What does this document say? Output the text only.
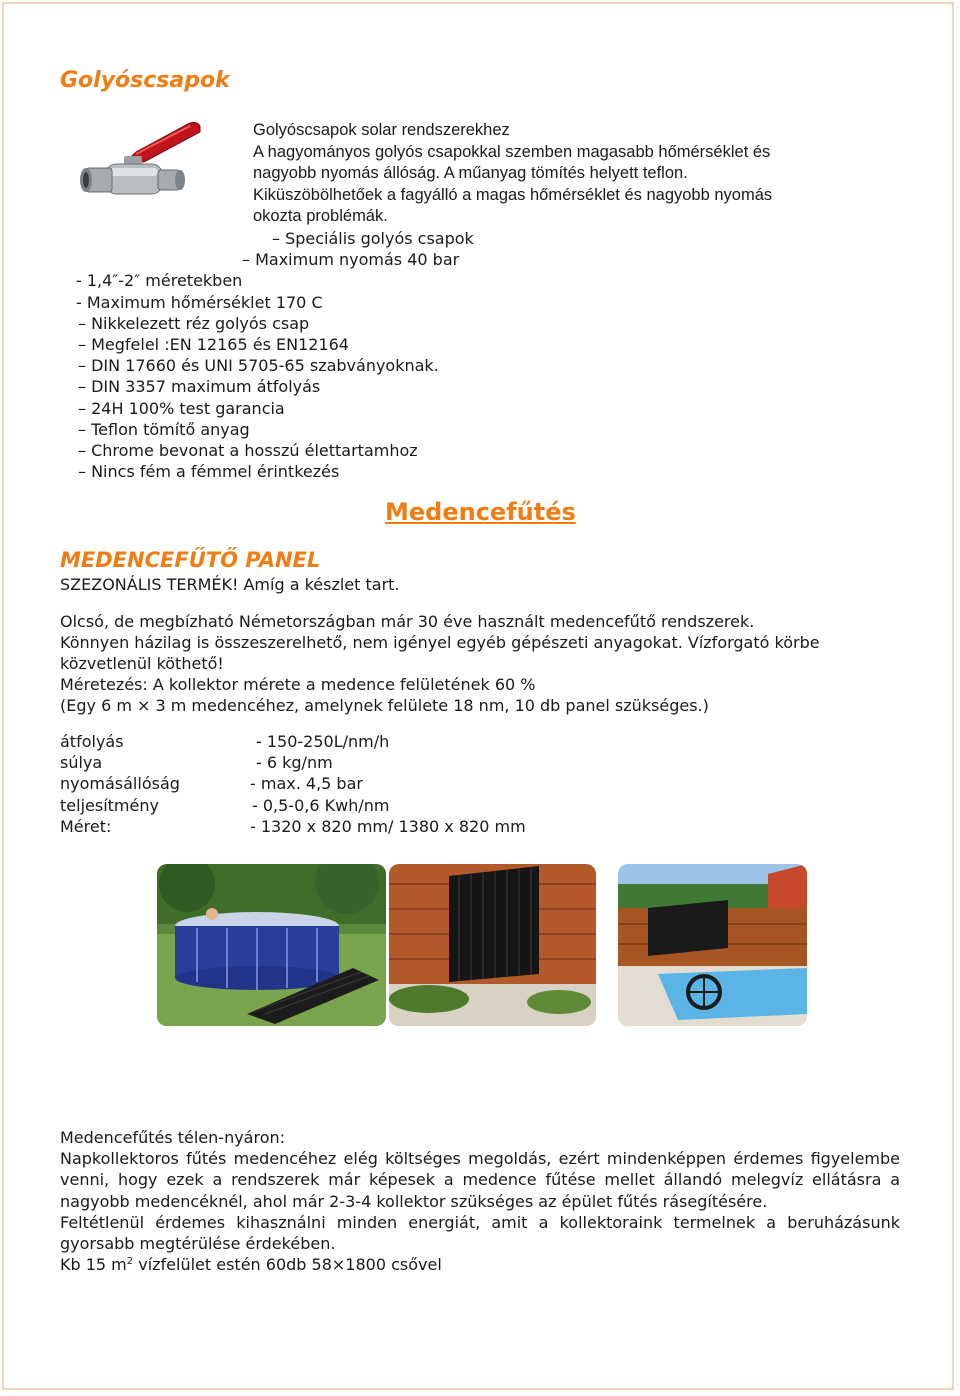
Golyóscsapok
Golyóscsapok solar rendszerekhez
A hagyományos golyós csapokkal szemben magasabb hőmérséklet és
nagyobb nyomás állóság. A műanyag tömítés helyett teflon.
Kiküszöbölhetőek a fagyálló a magas hőmérséklet és nagyobb nyomás
okozta problémák.
– Speciális golyós csapok
– Maximum nyomás 40 bar
- 1,4″-2″ méretekben
- Maximum hőmérséklet 170 C
– Nikkelezett réz golyós csap
– Megfelel :EN 12165 és EN12164
– DIN 17660 és UNI 5705-65 szabványoknak.
– DIN 3357 maximum átfolyás
– 24H 100% test garancia
– Teflon tömítő anyag
– Chrome bevonat a hosszú élettartamhoz
– Nincs fém a fémmel érintkezés
Medencefűtés
MEDENCEFŰTŐ PANEL
SZEZONÁLIS TERMÉK! Amíg a készlet tart.
Olcsó, de megbízható Németországban már 30 éve használt medencefűtő rendszerek.
Könnyen házilag is összeszerelhető, nem igényel egyéb gépészeti anyagokat. Vízforgató körbe
közvetlenül köthető!
Méretezés: A kollektor mérete a medence felületének 60 %
(Egy 6 m × 3 m medencéhez, amelynek felülete 18 nm, 10 db panel szükséges.)
átfolyás	- 150-250L/nm/h
súlya	- 6 kg/nm
nyomásállóság	- max. 4,5 bar
teljesítmény	- 0,5-0,6 Kwh/nm
Méret:	- 1320 x 820 mm/ 1380 x 820 mm
Medencefűtés télen-nyáron:
Napkollektoros fűtés medencéhez elég költséges megoldás, ezért mindenképpen érdemes figyelembe venni, hogy ezek a rendszerek már képesek a medence fűtése mellet állandó melegvíz ellátásra a nagyobb medencéknél, ahol már 2-3-4 kollektor szükséges az épület fűtés rásegítésére.
Feltétlenül érdemes kihasználni minden energiát, amit a kollektoraink termelnek a beruházásunk gyorsabb megtérülése érdekében.
Kb 15 $m^2$ vízfelület estén 60db 58×1800 csővel
